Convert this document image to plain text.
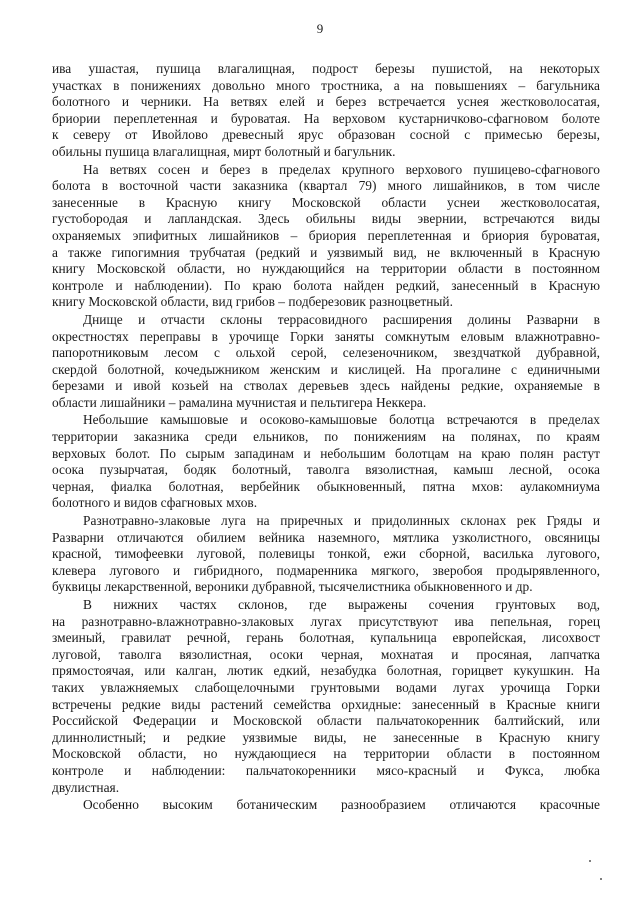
9

ива ушастая, пушица влагалищная, подрост березы пушистой, на некоторых
участках в понижениях довольно много тростника, а на повышениях – багульника
болотного и черники. На ветвях елей и берез встречается уснея жестковолосатая,
бриории переплетенная и буроватая. На верховом кустарничково-сфагновом болоте
к северу от Ивойлово древесный ярус образован сосной с примесью березы,
обильны пушица влагалищная, мирт болотный и багульник.

На ветвях сосен и берез в пределах крупного верхового пушицево-сфагнового
болота в восточной части заказника (квартал 79) много лишайников, в том числе
занесенные в Красную книгу Московской области уснеи жестковолосатая,
густобородая и лапландская. Здесь обильны виды эвернии, встречаются виды
охраняемых эпифитных лишайников – бриория переплетенная и бриория буроватая,
а также гипогимния трубчатая (редкий и уязвимый вид, не включенный в Красную
книгу Московской области, но нуждающийся на территории области в постоянном
контроле и наблюдении). По краю болота найден редкий, занесенный в Красную
книгу Московской области, вид грибов – подберезовик разноцветный.

Днище и отчасти склоны террасовидного расширения долины Разварни в
окрестностях переправы в урочище Горки заняты сомкнутым еловым влажнотравно-
папоротниковым лесом с ольхой серой, селезеночником, звездчаткой дубравной,
скердой болотной, кочедыжником женским и кислицей. На прогалине с единичными
березами и ивой козьей на стволах деревьев здесь найдены редкие, охраняемые в
области лишайники – рамалина мучнистая и пельтигера Неккера.

Небольшие камышовые и осоково-камышовые болотца встречаются в пределах
территории заказника среди ельников, по понижениям на полянах, по краям
верховых болот. По сырым западинам и небольшим болотцам на краю полян растут
осока пузырчатая, бодяк болотный, таволга вязолистная, камыш лесной, осока
черная, фиалка болотная, вербейник обыкновенный, пятна мхов: аулакомниума
болотного и видов сфагновых мхов.

Разнотравно-злаковые луга на приречных и придолинных склонах рек Гряды и
Разварни отличаются обилием вейника наземного, мятлика узколистного, овсяницы
красной, тимофеевки луговой, полевицы тонкой, ежи сборной, василька лугового,
клевера лугового и гибридного, подмаренника мягкого, зверобоя продырявленного,
буквицы лекарственной, вероники дубравной, тысячелистника обыкновенного и др.

В нижних частях склонов, где выражены сочения грунтовых вод,
на разнотравно-влажнотравно-злаковых лугах присутствуют ива пепельная, горец
змеиный, гравилат речной, герань болотная, купальница европейская, лисохвост
луговой, таволга вязолистная, осоки черная, мохнатая и просяная, лапчатка
прямостоячая, или калган, лютик едкий, незабудка болотная, горицвет кукушкин. На
таких увлажняемых слабощелочными грунтовыми водами лугах урочища Горки
встречены редкие виды растений семейства орхидные: занесенный в Красные книги
Российской Федерации и Московской области пальчатокоренник балтийский, или
длиннолистный; и редкие уязвимые виды, не занесенные в Красную книгу
Московской области, но нуждающиеся на территории области в постоянном
контроле и наблюдении: пальчатокоренники мясо-красный и Фукса, любка
двулистная.

Особенно высоким ботаническим разнообразием отличаются красочные
